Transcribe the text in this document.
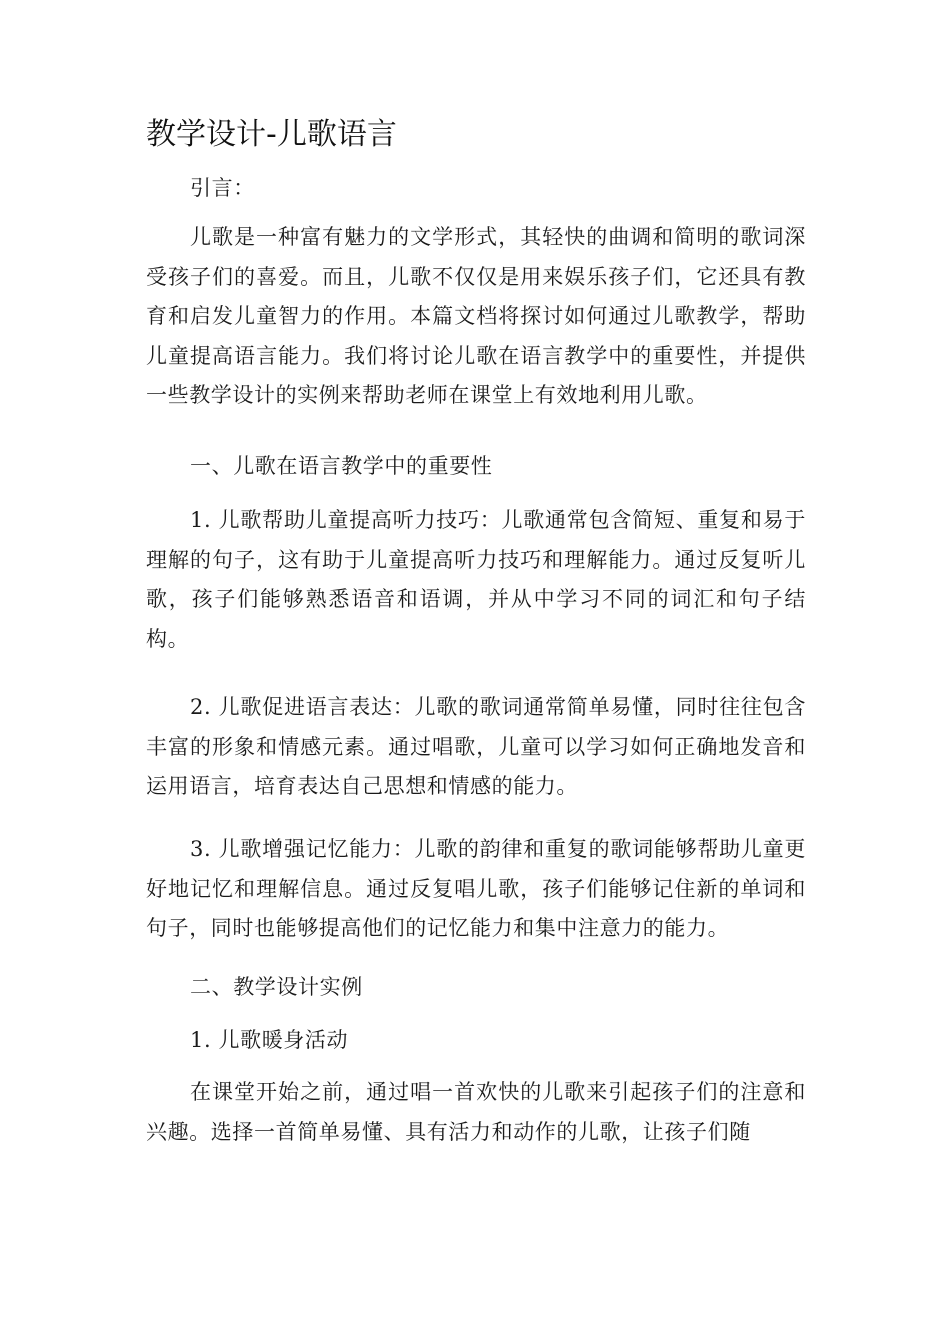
教学设计-儿歌语言

引言：

儿歌是一种富有魅力的文学形式，其轻快的曲调和简明的歌词深受孩子们的喜爱。而且，儿歌不仅仅是用来娱乐孩子们，它还具有教育和启发儿童智力的作用。本篇文档将探讨如何通过儿歌教学，帮助儿童提高语言能力。我们将讨论儿歌在语言教学中的重要性，并提供一些教学设计的实例来帮助老师在课堂上有效地利用儿歌。

一、儿歌在语言教学中的重要性

1. 儿歌帮助儿童提高听力技巧：儿歌通常包含简短、重复和易于理解的句子，这有助于儿童提高听力技巧和理解能力。通过反复听儿歌，孩子们能够熟悉语音和语调，并从中学习不同的词汇和句子结构。

2. 儿歌促进语言表达：儿歌的歌词通常简单易懂，同时往往包含丰富的形象和情感元素。通过唱歌，儿童可以学习如何正确地发音和运用语言，培育表达自己思想和情感的能力。

3. 儿歌增强记忆能力：儿歌的韵律和重复的歌词能够帮助儿童更好地记忆和理解信息。通过反复唱儿歌，孩子们能够记住新的单词和句子，同时也能够提高他们的记忆能力和集中注意力的能力。

二、教学设计实例

1. 儿歌暖身活动

在课堂开始之前，通过唱一首欢快的儿歌来引起孩子们的注意和兴趣。选择一首简单易懂、具有活力和动作的儿歌，让孩子们随
